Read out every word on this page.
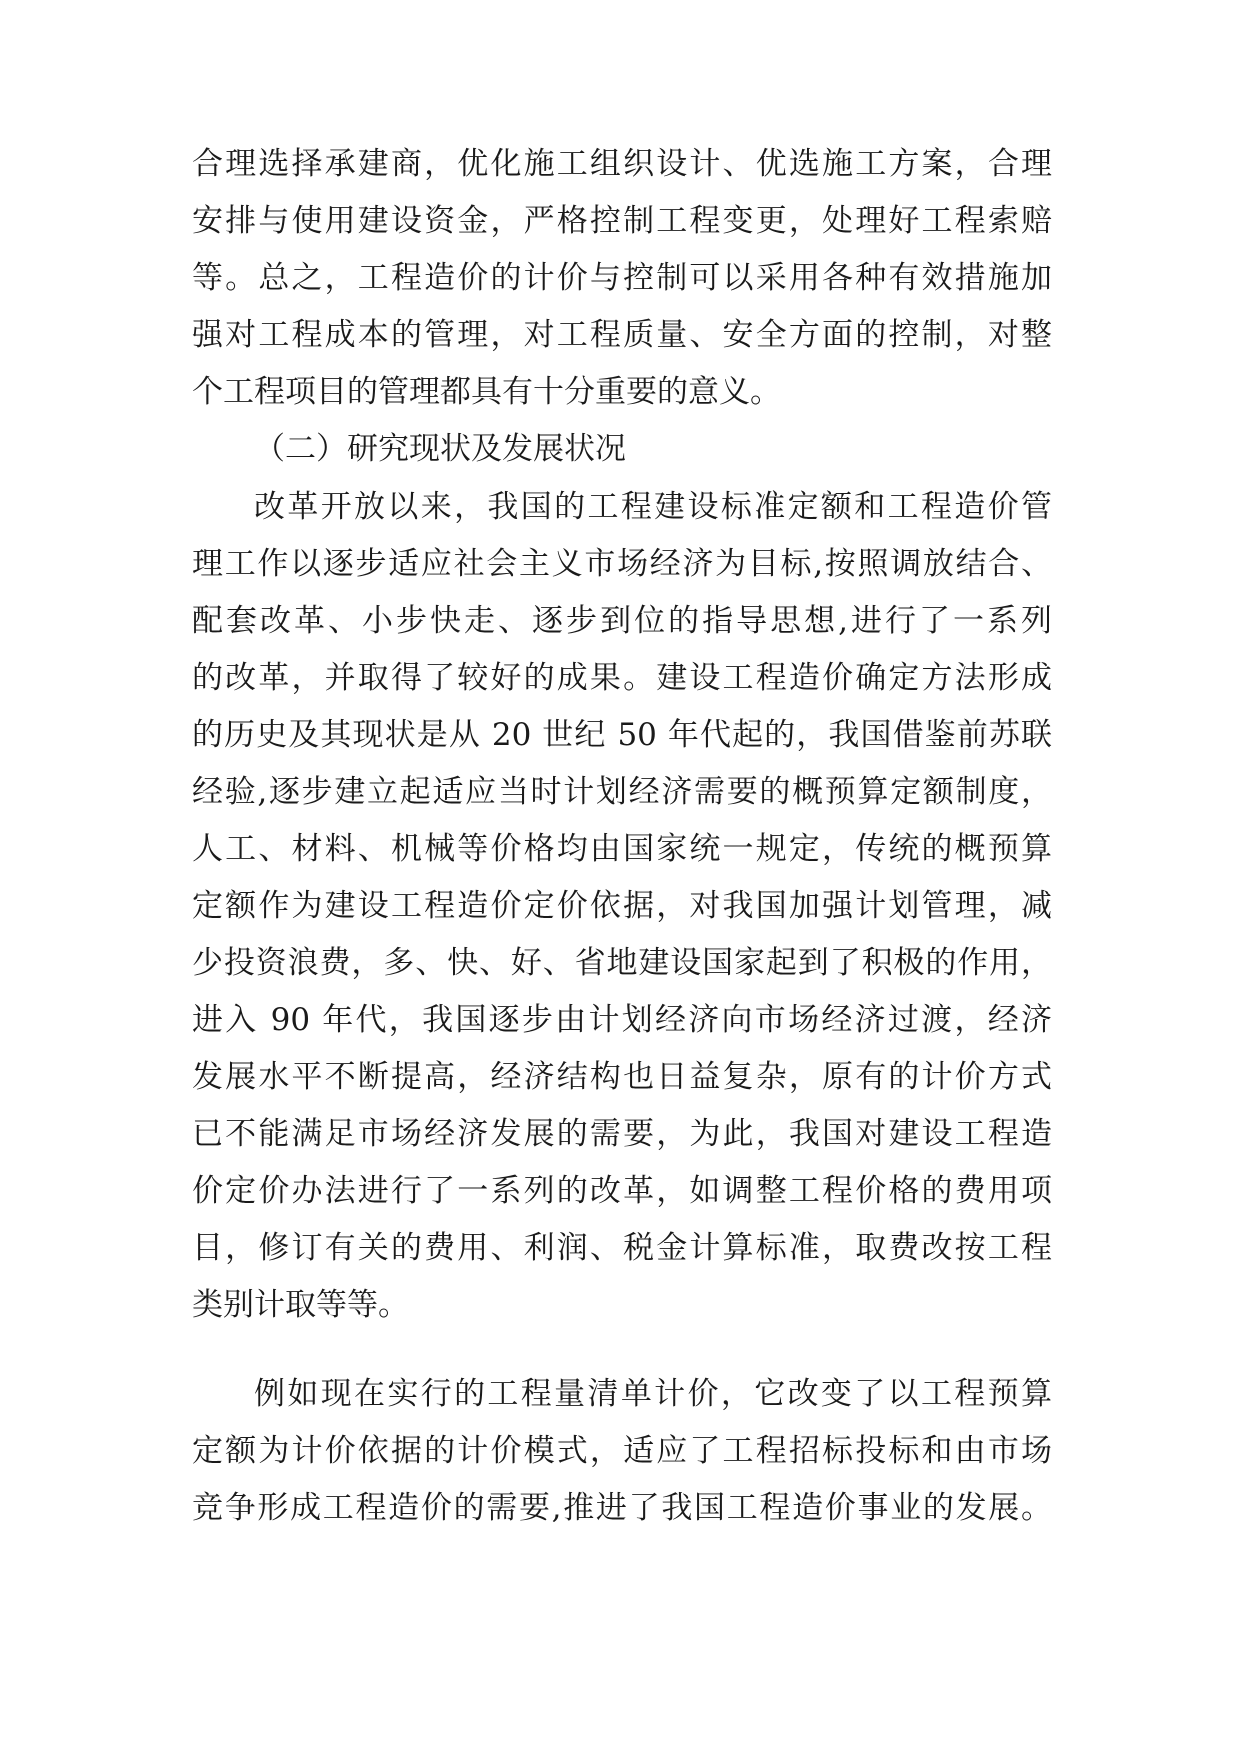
合理选择承建商，优化施工组织设计、优选施工方案，合理
安排与使用建设资金，严格控制工程变更，处理好工程索赔
等。总之，工程造价的计价与控制可以采用各种有效措施加
强对工程成本的管理，对工程质量、安全方面的控制，对整
个工程项目的管理都具有十分重要的意义。
（二）研究现状及发展状况
改革开放以来，我国的工程建设标准定额和工程造价管
理工作以逐步适应社会主义市场经济为目标,按照调放结合、
配套改革、小步快走、逐步到位的指导思想,进行了一系列
的改革，并取得了较好的成果。建设工程造价确定方法形成
的历史及其现状是从 20 世纪 50 年代起的，我国借鉴前苏联
经验,逐步建立起适应当时计划经济需要的概预算定额制度，
人工、材料、机械等价格均由国家统一规定，传统的概预算
定额作为建设工程造价定价依据，对我国加强计划管理，减
少投资浪费，多、快、好、省地建设国家起到了积极的作用，
进入 90 年代，我国逐步由计划经济向市场经济过渡，经济
发展水平不断提高，经济结构也日益复杂，原有的计价方式
已不能满足市场经济发展的需要，为此，我国对建设工程造
价定价办法进行了一系列的改革，如调整工程价格的费用项
目，修订有关的费用、利润、税金计算标准，取费改按工程
类别计取等等。
例如现在实行的工程量清单计价，它改变了以工程预算
定额为计价依据的计价模式，适应了工程招标投标和由市场
竞争形成工程造价的需要,推进了我国工程造价事业的发展。
